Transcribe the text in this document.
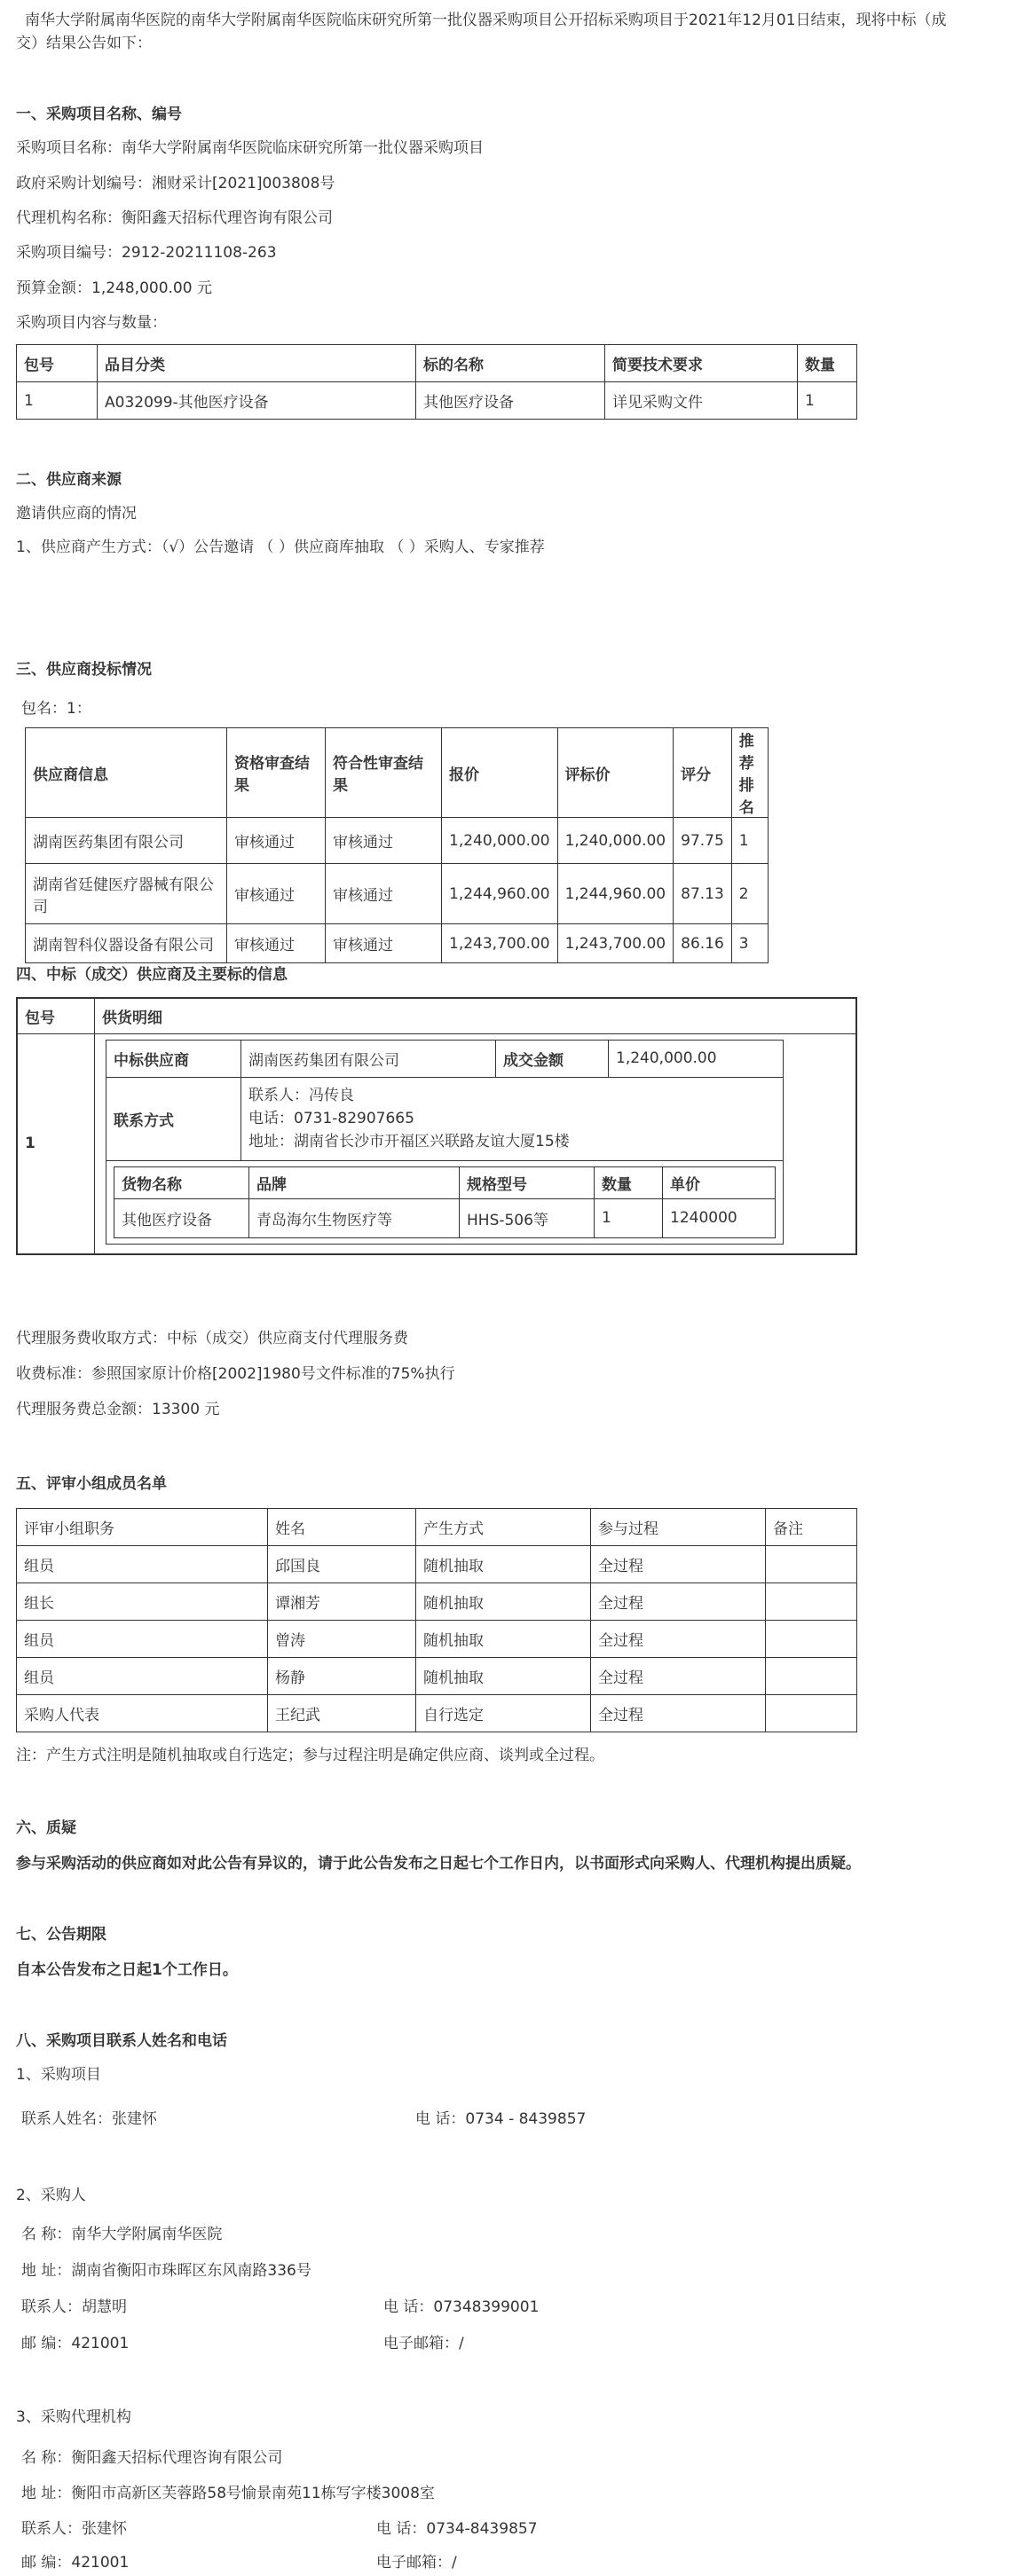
南华大学附属南华医院的南华大学附属南华医院临床研究所第一批仪器采购项目公开招标采购项目于2021年12月01日结束，现将中标（成
交）结果公告如下：
一、采购项目名称、编号
采购项目名称：南华大学附属南华医院临床研究所第一批仪器采购项目
政府采购计划编号：湘财采计[2021]003808号
代理机构名称：衡阳鑫天招标代理咨询有限公司
采购项目编号：2912-20211108-263
预算金额：1,248,000.00 元
采购项目内容与数量：
包号	品目分类	标的名称	简要技术要求	数量
1	A032099-其他医疗设备	其他医疗设备	详见采购文件	1
二、供应商来源
邀请供应商的情况
1、供应商产生方式：（√）公告邀请 （ ）供应商库抽取 （ ）采购人、专家推荐
三、供应商投标情况
包名：1：
供应商信息	资格审查结果	符合性审查结果	报价	评标价	评分	推荐排名
湖南医药集团有限公司	审核通过	审核通过	1,240,000.00	1,240,000.00	97.75	1
湖南省廷健医疗器械有限公司	审核通过	审核通过	1,244,960.00	1,244,960.00	87.13	2
湖南智科仪器设备有限公司	审核通过	审核通过	1,243,700.00	1,243,700.00	86.16	3
四、中标（成交）供应商及主要标的信息
包号	供货明细
1	
中标供应商	湖南医药集团有限公司	成交金额	1,240,000.00
联系方式	
联系人：冯传良
电话：0731-82907665
地址：湖南省长沙市开福区兴联路友谊大厦15楼

货物名称	品牌	规格型号	数量	单价
其他医疗设备	青岛海尔生物医疗等	HHS-506等	1	1240000
代理服务费收取方式：中标（成交）供应商支付代理服务费
收费标准：参照国家原计价格[2002]1980号文件标准的75%执行
代理服务费总金额：13300 元
五、评审小组成员名单
评审小组职务	姓名	产生方式	参与过程	备注
组员	邱国良	随机抽取	全过程	
组长	谭湘芳	随机抽取	全过程	
组员	曾涛	随机抽取	全过程	
组员	杨静	随机抽取	全过程	
采购人代表	王纪武	自行选定	全过程	
注：产生方式注明是随机抽取或自行选定；参与过程注明是确定供应商、谈判或全过程。
六、质疑
参与采购活动的供应商如对此公告有异议的，请于此公告发布之日起七个工作日内，以书面形式向采购人、代理机构提出质疑。
七、公告期限
自本公告发布之日起1个工作日。
八、采购项目联系人姓名和电话
1、采购项目
联系人姓名：张建怀	电 话：0734 - 8439857
2、采购人
名 称：南华大学附属南华医院
地 址：湖南省衡阳市珠晖区东风南路336号
联系人：胡慧明	电 话：07348399001
邮 编：421001	电子邮箱：/
3、采购代理机构
名 称：衡阳鑫天招标代理咨询有限公司
地 址：衡阳市高新区芙蓉路58号愉景南苑11栋写字楼3008室
联系人：张建怀	电 话：0734-8439857
邮 编：421001	电子邮箱：/
